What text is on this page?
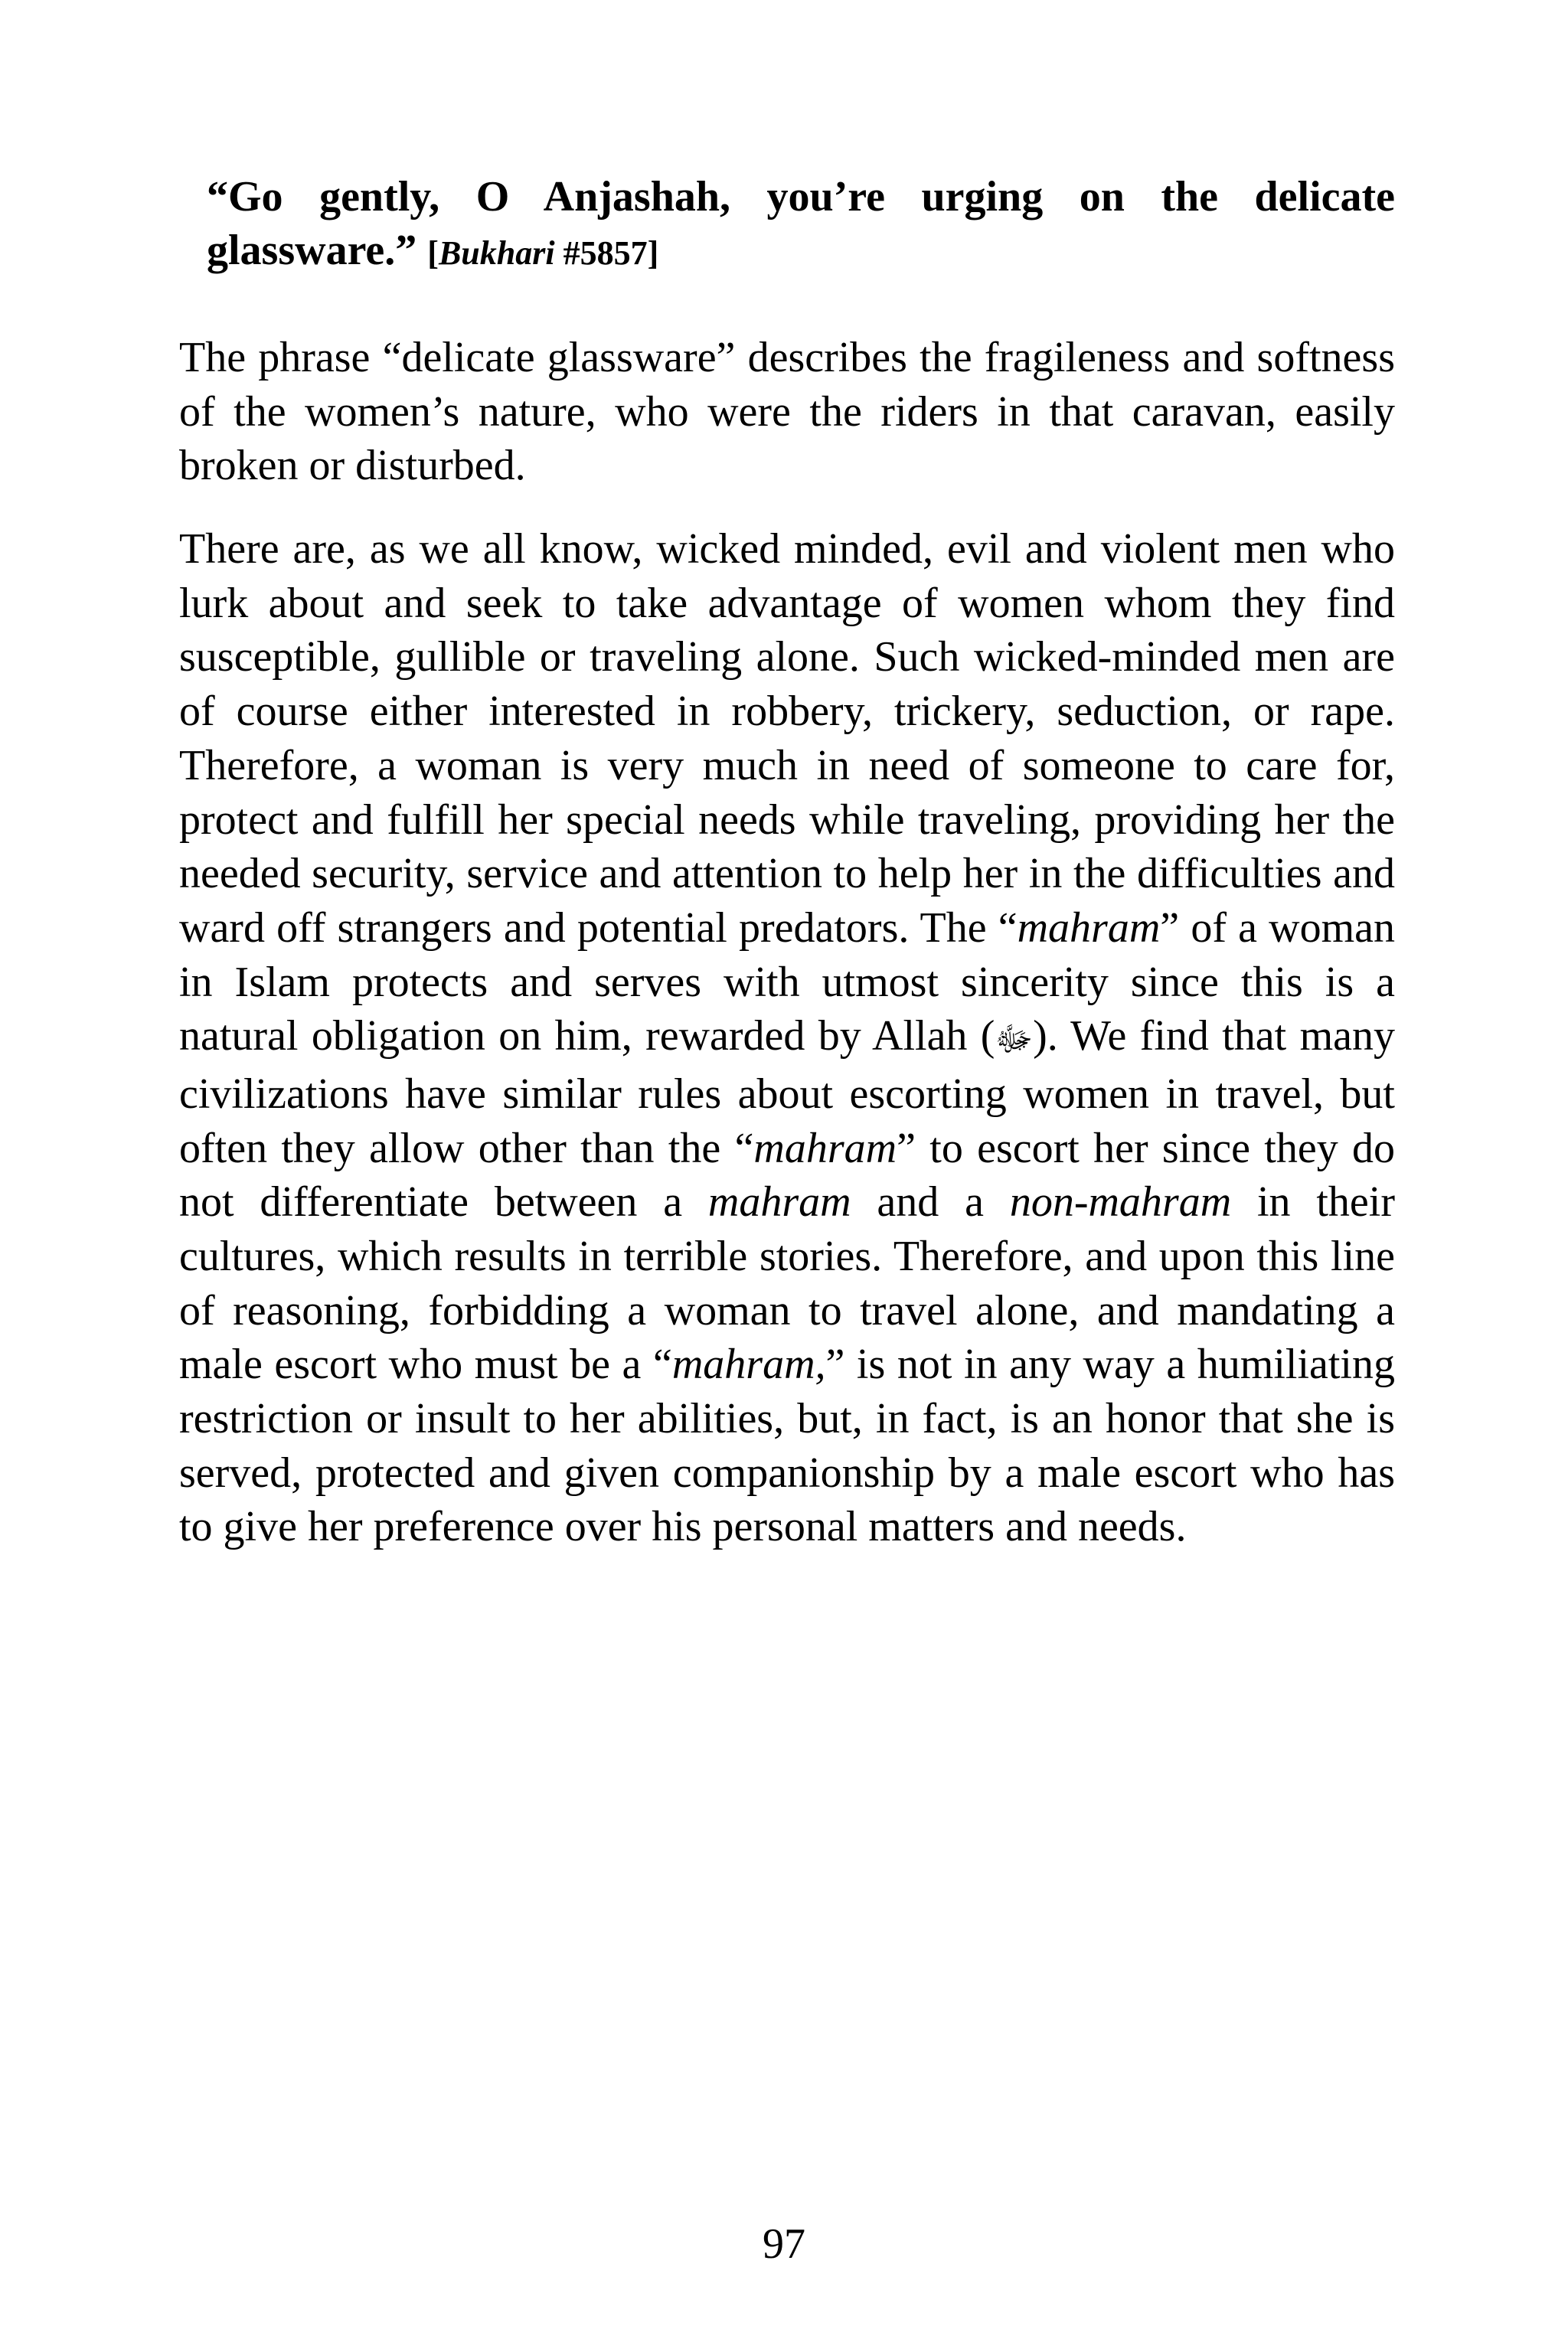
“Go gently, O Anjashah, you’re urging on the delicate glassware.” [Bukhari #5857]

The phrase “delicate glassware” describes the fragileness and softness of the women’s nature, who were the riders in that caravan, easily broken or disturbed.

There are, as we all know, wicked minded, evil and violent men who lurk about and seek to take advantage of women whom they find susceptible, gullible or traveling alone. Such wicked-minded men are of course either interested in robbery, trickery, seduction, or rape. Therefore, a woman is very much in need of someone to care for, protect and fulfill her special needs while traveling, providing her the needed security, service and attention to help her in the difficulties and ward off strangers and potential predators. The “mahram” of a woman in Islam protects and serves with utmost sincerity since this is a natural obligation on him, rewarded by Allah (ﷻ). We find that many civilizations have similar rules about escorting women in travel, but often they allow other than the “mahram” to escort her since they do not differentiate between a mahram and a non-mahram in their cultures, which results in terrible stories. Therefore, and upon this line of reasoning, forbidding a woman to travel alone, and mandating a male escort who must be a “mahram,” is not in any way a humiliating restriction or insult to her abilities, but, in fact, is an honor that she is served, protected and given companionship by a male escort who has to give her preference over his personal matters and needs.

97
